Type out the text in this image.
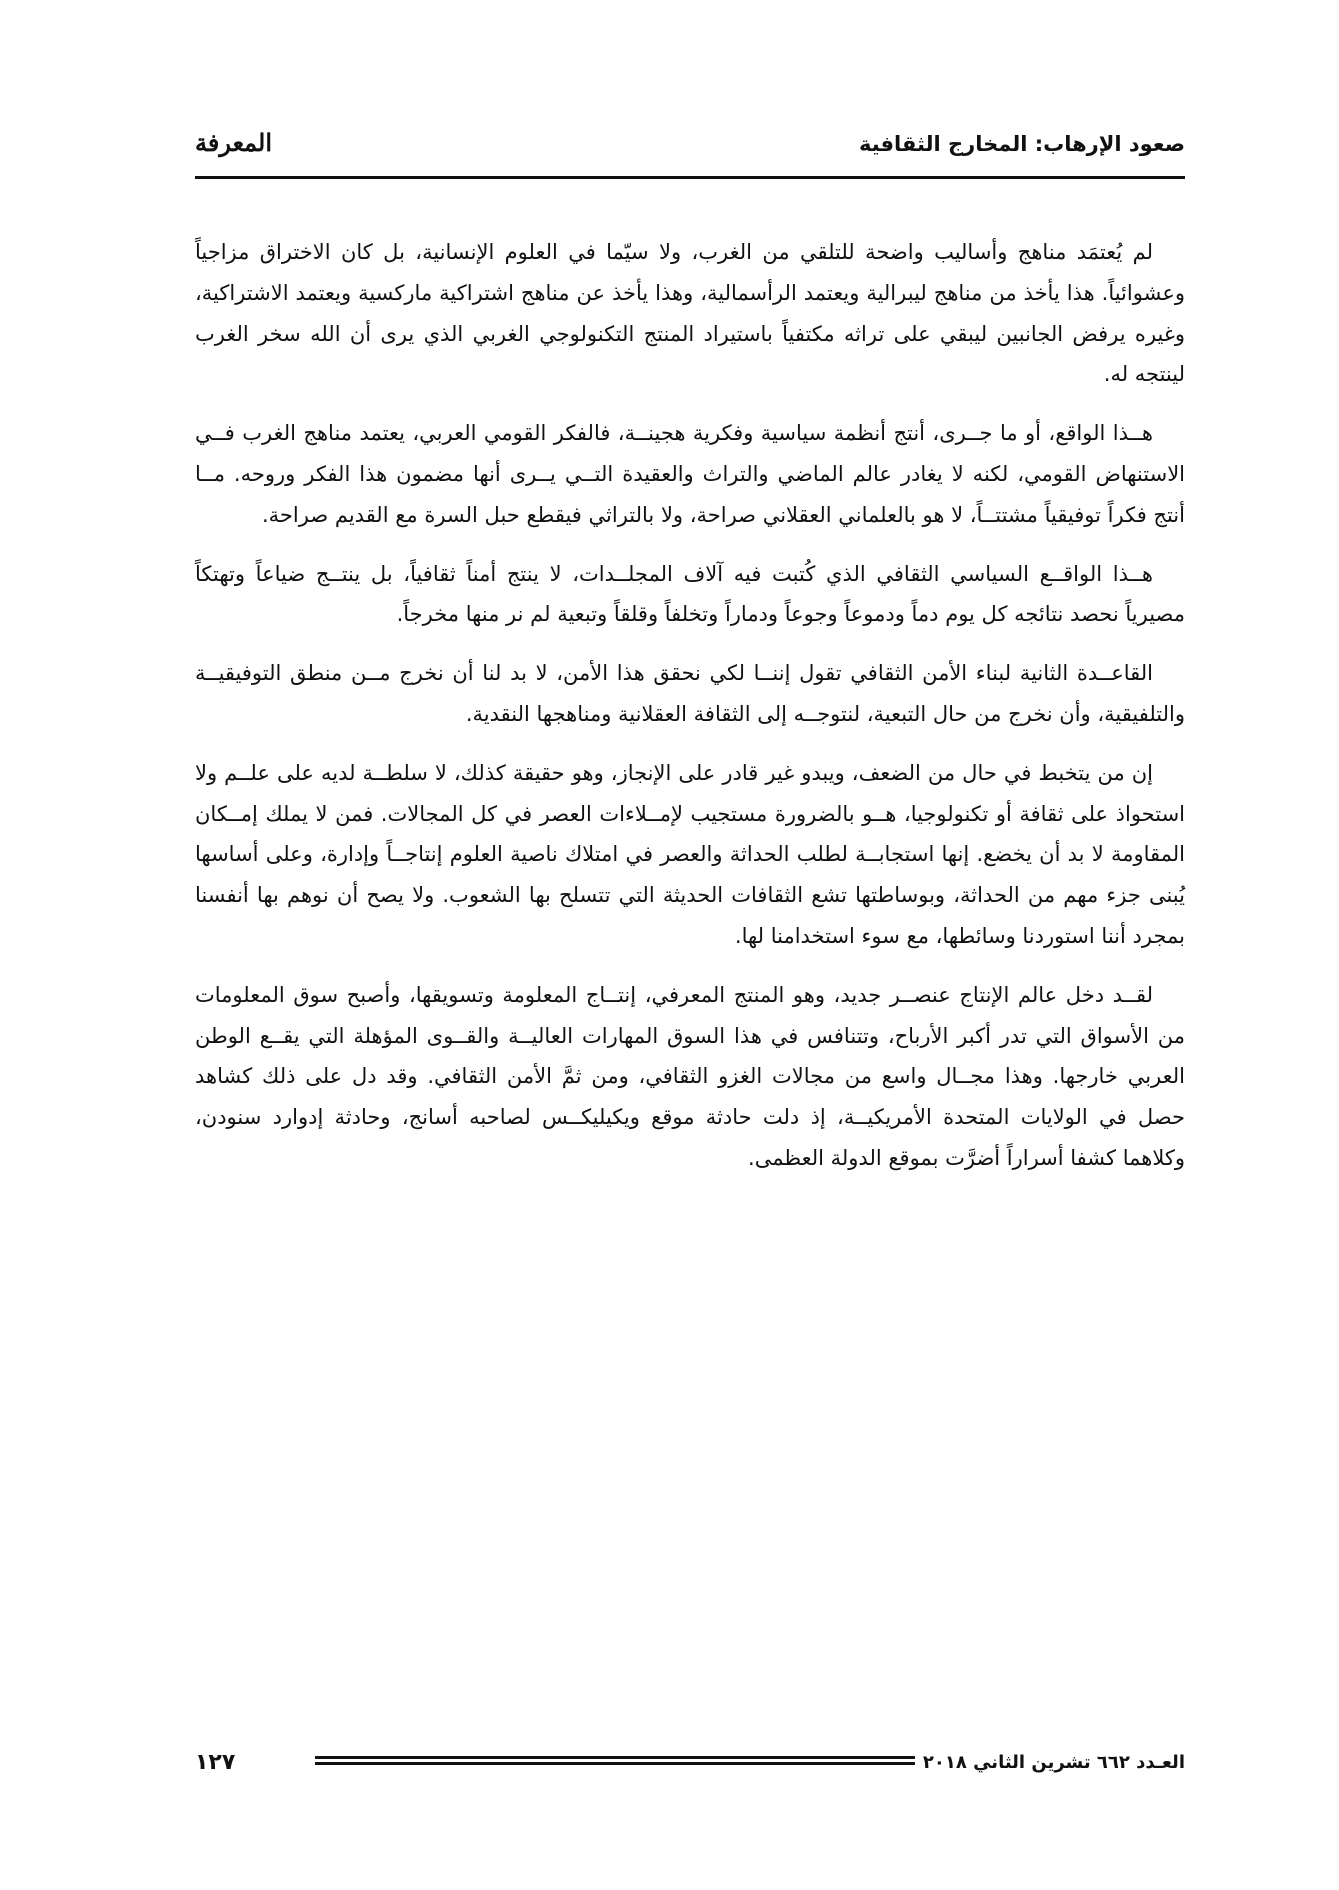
صعود الإرهاب: المخارج الثقافية
المعرفة

لم يُعتمَد مناهج وأساليب واضحة للتلقي من الغرب، ولا سيّما في العلوم الإنسانية، بل كان الاختراق مزاجياً وعشوائياً. هذا يأخذ من مناهج ليبرالية ويعتمد الرأسمالية، وهذا يأخذ عن مناهج اشتراكية ماركسية ويعتمد الاشتراكية، وغيره يرفض الجانبين ليبقي على تراثه مكتفياً باستيراد المنتج التكنولوجي الغربي الذي يرى أن الله سخر الغرب لينتجه له.

هــذا الواقع، أو ما جــرى، أنتج أنظمة سياسية وفكرية هجينــة، فالفكر القومي العربي، يعتمد مناهج الغرب فــي الاستنهاض القومي، لكنه لا يغادر عالم الماضي والتراث والعقيدة التــي يــرى أنها مضمون هذا الفكر وروحه. مــا أنتج فكراً توفيقياً مشتتــاً، لا هو بالعلماني العقلاني صراحة، ولا بالتراثي فيقطع حبل السرة مع القديم صراحة.

هــذا الواقــع السياسي الثقافي الذي كُتبت فيه آلاف المجلــدات، لا ينتج أمناً ثقافياً، بل ينتــج ضياعاً وتهتكاً مصيرياً نحصد نتائجه كل يوم دماً ودموعاً وجوعاً ودماراً وتخلفاً وقلقاً وتبعية لم نر منها مخرجاً.

القاعــدة الثانية لبناء الأمن الثقافي تقول إننــا لكي نحقق هذا الأمن، لا بد لنا أن نخرج مــن منطق التوفيقيــة والتلفيقية، وأن نخرج من حال التبعية، لنتوجــه إلى الثقافة العقلانية ومناهجها النقدية.

إن من يتخبط في حال من الضعف، ويبدو غير قادر على الإنجاز، وهو حقيقة كذلك، لا سلطــة لديه على علــم ولا استحواذ على ثقافة أو تكنولوجيا، هــو بالضرورة مستجيب لإمــلاءات العصر في كل المجالات. فمن لا يملك إمــكان المقاومة لا بد أن يخضع. إنها استجابــة لطلب الحداثة والعصر في امتلاك ناصية العلوم إنتاجــاً وإدارة، وعلى أساسها يُبنى جزء مهم من الحداثة، وبوساطتها تشع الثقافات الحديثة التي تتسلح بها الشعوب. ولا يصح أن نوهم بها أنفسنا بمجرد أننا استوردنا وسائطها، مع سوء استخدامنا لها.

لقــد دخل عالم الإنتاج عنصــر جديد، وهو المنتج المعرفي، إنتــاج المعلومة وتسويقها، وأصبح سوق المعلومات من الأسواق التي تدر أكبر الأرباح، وتتنافس في هذا السوق المهارات العاليــة والقــوى المؤهلة التي يقــع الوطن العربي خارجها. وهذا مجــال واسع من مجالات الغزو الثقافي، ومن ثمَّ الأمن الثقافي. وقد دل على ذلك كشاهد حصل في الولايات المتحدة الأمريكيــة، إذ دلت حادثة موقع ويكيليكــس لصاحبه أسانج، وحادثة إدوارد سنودن، وكلاهما كشفا أسراراً أضرَّت بموقع الدولة العظمى.

١٢٧	العـدد ٦٦٢ تشرين الثاني ٢٠١٨
